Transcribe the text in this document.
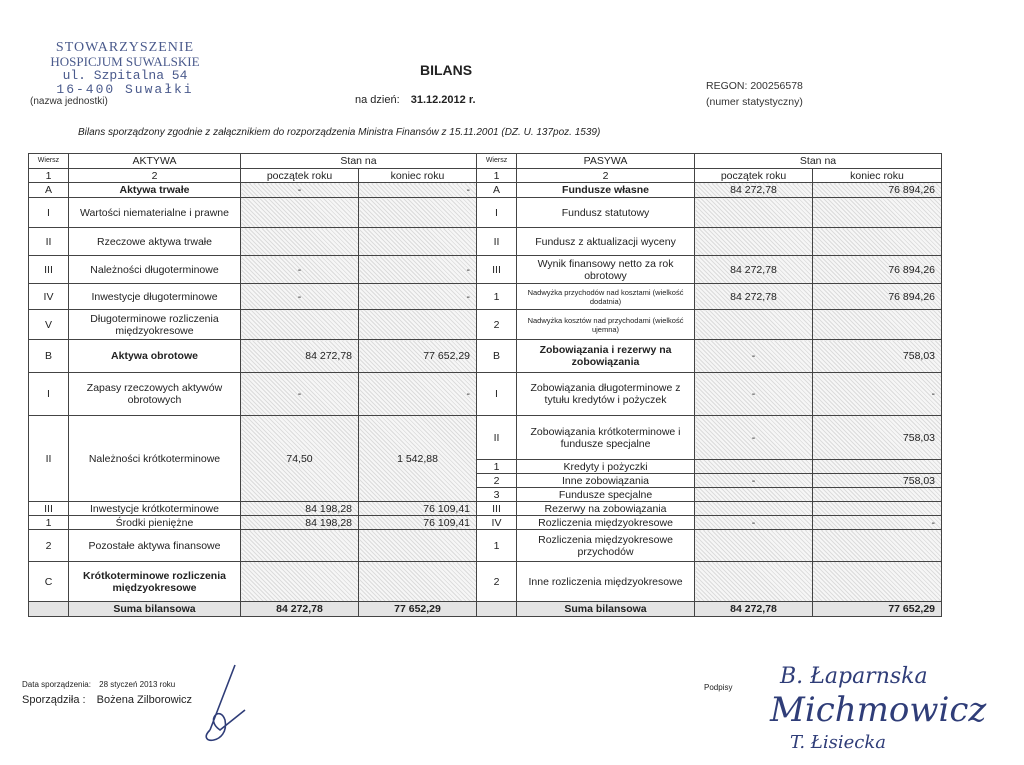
STOWARZYSZENIE
HOSPICJUM SUWALSKIE
ul. Szpitalna 54
16-400 Suwałki
(nazwa jednostki)
BILANS
na dzień: 31.12.2012 r.
REGON: 200256578
(numer statystyczny)
Bilans sporządzony zgodnie z załącznikiem do rozporządzenia Ministra Finansów z 15.11.2001 (DZ. U. 137poz. 1539)
Wiersz	AKTYWA	Stan na		Wiersz	PASYWA	Stan na	

1	2	początek roku	koniec roku	1	2	początek roku	koniec roku
A	Aktywa trwałe	-	-	A	Fundusze własne	84 272,78	76 894,26
I	Wartości niematerialne i prawne			I	Fundusz statutowy		
II	Rzeczowe aktywa trwałe			II	Fundusz z aktualizacji wyceny		
III	Należności długoterminowe	-	-	III	Wynik finansowy netto za rok obrotowy	84 272,78	76 894,26
IV	Inwestycje długoterminowe	-	-	1	Nadwyżka przychodów nad kosztami (wielkość dodatnia)	84 272,78	76 894,26
V	Długoterminowe rozliczenia międzyokresowe			2	Nadwyżka kosztów nad przychodami (wielkość ujemna)		
B	Aktywa obrotowe	84 272,78	77 652,29	B	Zobowiązania i rezerwy na zobowiązania	-	758,03
I	Zapasy rzeczowych aktywów obrotowych	-	-	I	Zobowiązania długoterminowe z tytułu kredytów i pożyczek	-	-
II	Należności krótkoterminowe	74,50	1 542,88	II	Zobowiązania krótkoterminowe i fundusze specjalne	-	758,03
				1	Kredyty i pożyczki		
				2	Inne zobowiązania	-	758,03
				3	Fundusze specjalne		
III	Inwestycje krótkoterminowe	84 198,28	76 109,41	III	Rezerwy na zobowiązania		
1	Środki pieniężne	84 198,28	76 109,41	IV	Rozliczenia międzyokresowe	-	-
2	Pozostałe aktywa finansowe			1	Rozliczenia międzyokresowe przychodów		
C	Krótkoterminowe rozliczenia międzyokresowe			2	Inne rozliczenia międzyokresowe		
	Suma bilansowa	84 272,78	77 652,29		Suma bilansowa	84 272,78	77 652,29
Data sporządzenia: 28 styczeń 2013 roku
Sporządziła : Bożena Zilborowicz
Podpisy B. Łaparnska
Michmowicz
T. Łisiecka
